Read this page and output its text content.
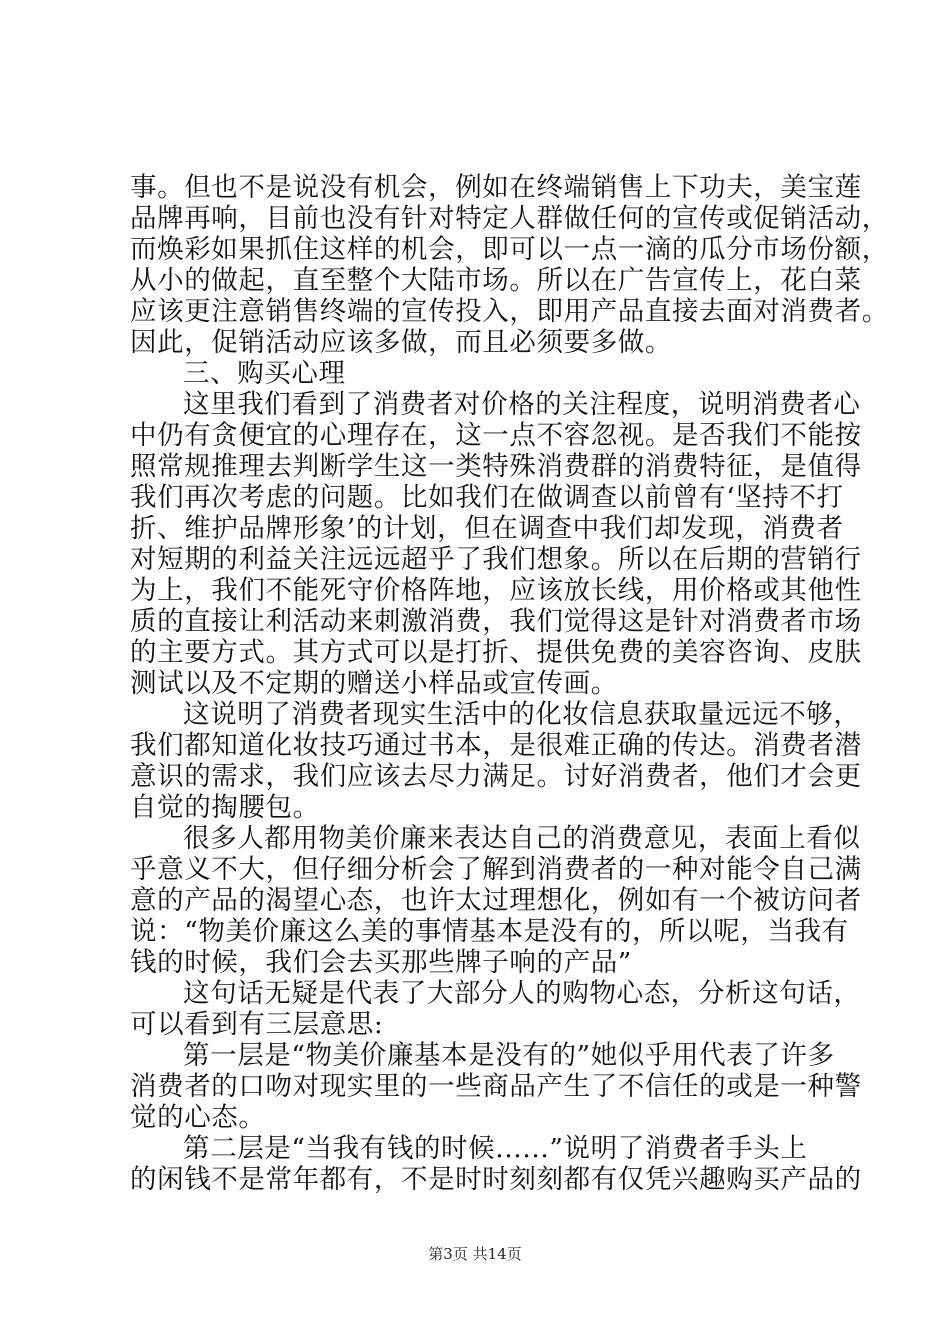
事。但也不是说没有机会，例如在终端销售上下功夫，美宝莲
品牌再响，目前也没有针对特定人群做任何的宣传或促销活动，
而焕彩如果抓住这样的机会，即可以一点一滴的瓜分市场份额，
从小的做起，直至整个大陆市场。所以在广告宣传上，花白菜
应该更注意销售终端的宣传投入，即用产品直接去面对消费者。
因此，促销活动应该多做，而且必须要多做。
三、购买心理
这里我们看到了消费者对价格的关注程度，说明消费者心
中仍有贪便宜的心理存在，这一点不容忽视。是否我们不能按
照常规推理去判断学生这一类特殊消费群的消费特征，是值得
我们再次考虑的问题。比如我们在做调查以前曾有‘坚持不打
折、维护品牌形象’的计划，但在调查中我们却发现，消费者
对短期的利益关注远远超乎了我们想象。所以在后期的营销行
为上，我们不能死守价格阵地，应该放长线，用价格或其他性
质的直接让利活动来刺激消费，我们觉得这是针对消费者市场
的主要方式。其方式可以是打折、提供免费的美容咨询、皮肤
测试以及不定期的赠送小样品或宣传画。
这说明了消费者现实生活中的化妆信息获取量远远不够，
我们都知道化妆技巧通过书本，是很难正确的传达。消费者潜
意识的需求，我们应该去尽力满足。讨好消费者，他们才会更
自觉的掏腰包。
很多人都用物美价廉来表达自己的消费意见，表面上看似
乎意义不大，但仔细分析会了解到消费者的一种对能令自己满
意的产品的渴望心态，也许太过理想化，例如有一个被访问者
说：“物美价廉这么美的事情基本是没有的，所以呢，当我有
钱的时候，我们会去买那些牌子响的产品”
这句话无疑是代表了大部分人的购物心态，分析这句话，
可以看到有三层意思:
第一层是“物美价廉基本是没有的”她似乎用代表了许多
消费者的口吻对现实里的一些商品产生了不信任的或是一种警
觉的心态。
第二层是“当我有钱的时候......”说明了消费者手头上
的闲钱不是常年都有，不是时时刻刻都有仅凭兴趣购买产品的
第3页 共14页
